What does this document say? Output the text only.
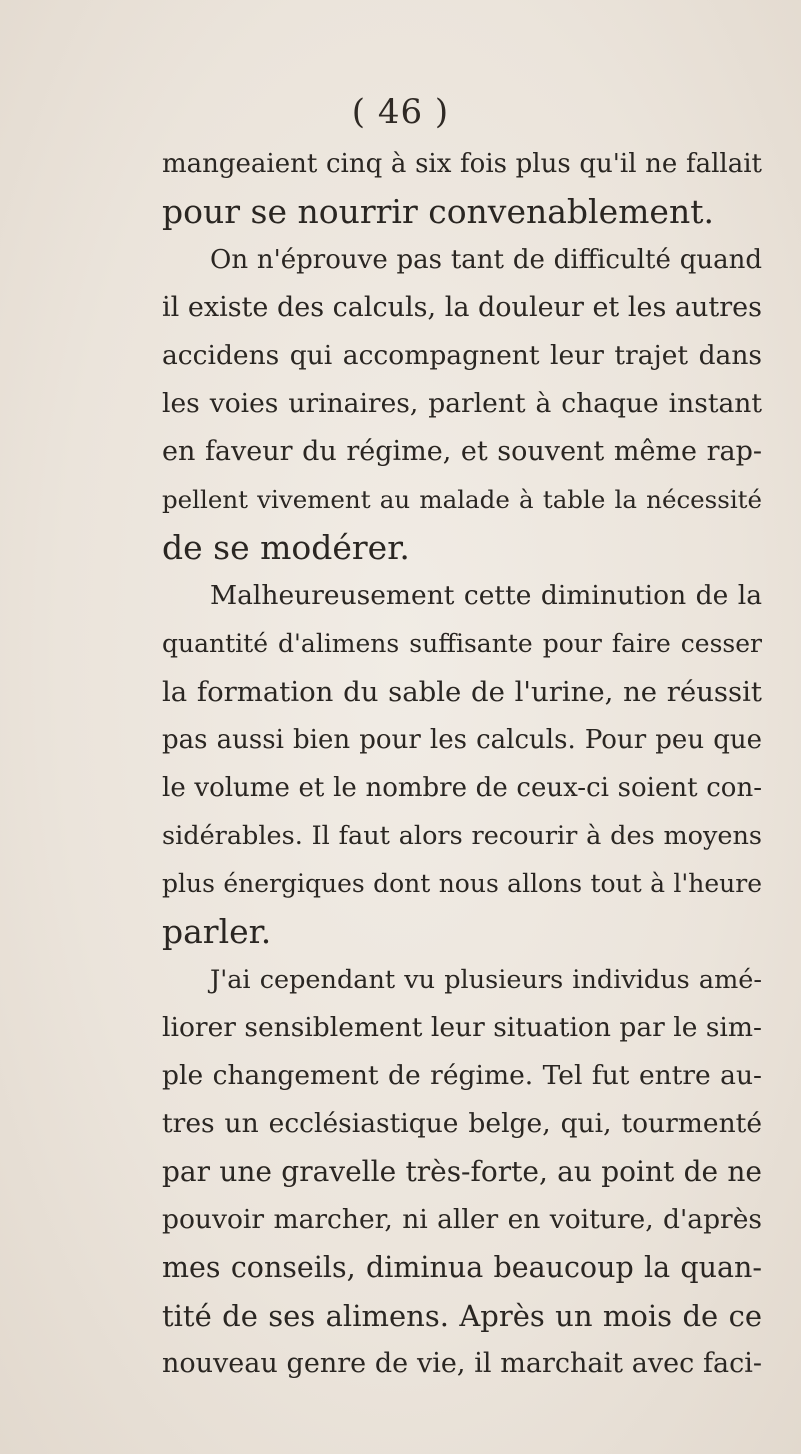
( 46 )
mangeaient cinq à six fois plus qu'il ne fallait
pour se nourrir convenablement.
On n'éprouve pas tant de difficulté quand
il existe des calculs, la douleur et les autres
accidens qui accompagnent leur trajet dans
les voies urinaires, parlent à chaque instant
en faveur du régime, et souvent même rap-
pellent vivement au malade à table la nécessité
de se modérer.
Malheureusement cette diminution de la
quantité d'alimens suffisante pour faire cesser
la formation du sable de l'urine, ne réussit
pas aussi bien pour les calculs. Pour peu que
le volume et le nombre de ceux-ci soient con-
sidérables. Il faut alors recourir à des moyens
plus énergiques dont nous allons tout à l'heure
parler.
J'ai cependant vu plusieurs individus amé-
liorer sensiblement leur situation par le sim-
ple changement de régime. Tel fut entre au-
tres un ecclésiastique belge, qui, tourmenté
par une gravelle très-forte, au point de ne
pouvoir marcher, ni aller en voiture, d'après
mes conseils, diminua beaucoup la quan-
tité de ses alimens. Après un mois de ce
nouveau genre de vie, il marchait avec faci-
